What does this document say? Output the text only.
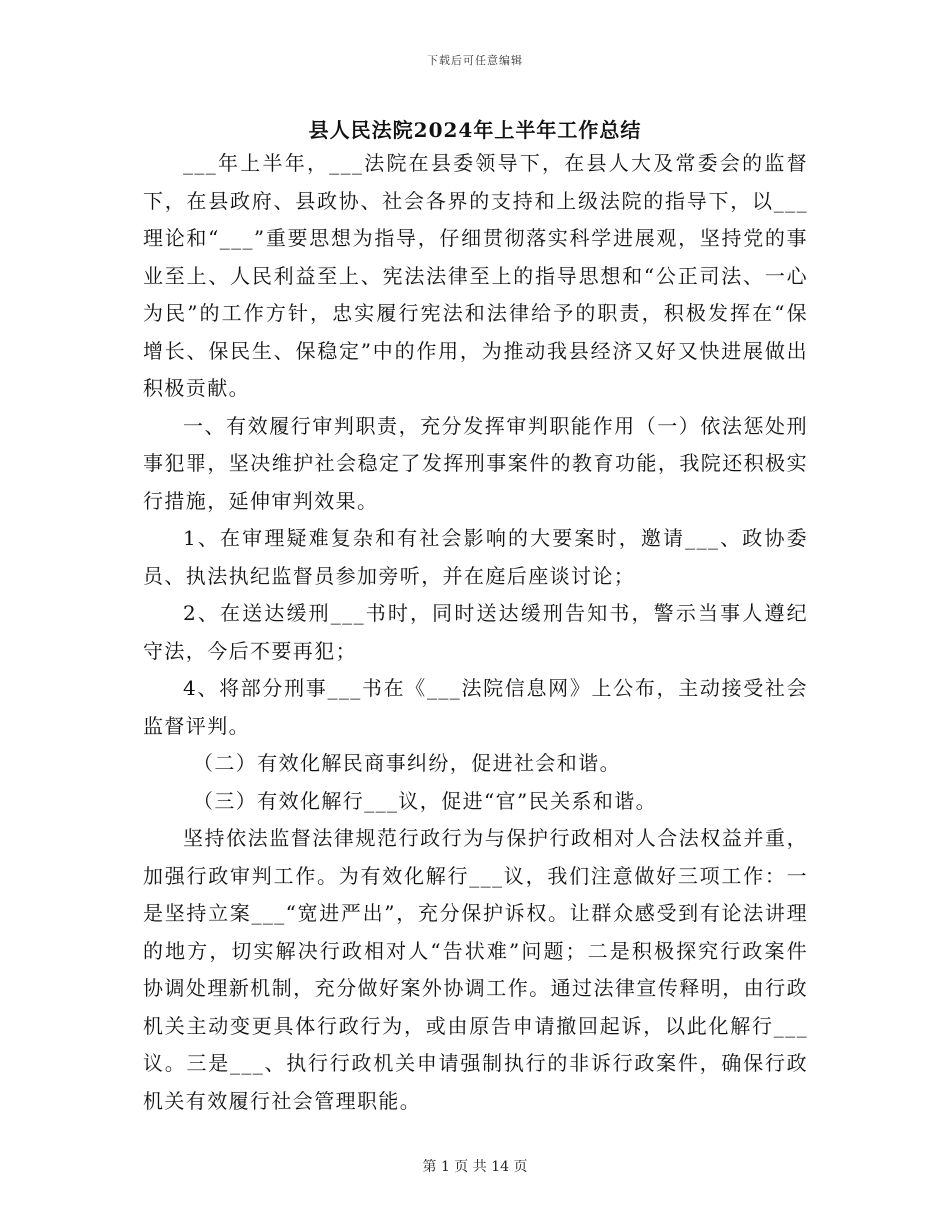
下载后可任意编辑
县人民法院2024年上半年工作总结

___年上半年，___法院在县委领导下，在县人大及常委会的监督下，在县政府、县政协、社会各界的支持和上级法院的指导下，以___理论和“___”重要思想为指导，仔细贯彻落实科学进展观，坚持党的事业至上、人民利益至上、宪法法律至上的指导思想和“公正司法、一心为民”的工作方针，忠实履行宪法和法律给予的职责，积极发挥在“保增长、保民生、保稳定”中的作用，为推动我县经济又好又快进展做出积极贡献。

一、有效履行审判职责，充分发挥审判职能作用（一）依法惩处刑事犯罪，坚决维护社会稳定了发挥刑事案件的教育功能，我院还积极实行措施，延伸审判效果。

1、在审理疑难复杂和有社会影响的大要案时，邀请___、政协委员、执法执纪监督员参加旁听，并在庭后座谈讨论；

2、在送达缓刑___书时，同时送达缓刑告知书，警示当事人遵纪守法，今后不要再犯；

4、将部分刑事___书在《___法院信息网》上公布，主动接受社会监督评判。

（二）有效化解民商事纠纷，促进社会和谐。

（三）有效化解行___议，促进“官”民关系和谐。

坚持依法监督法律规范行政行为与保护行政相对人合法权益并重，加强行政审判工作。为有效化解行___议，我们注意做好三项工作：一是坚持立案___“宽进严出”，充分保护诉权。让群众感受到有论法讲理的地方，切实解决行政相对人“告状难”问题；二是积极探究行政案件协调处理新机制，充分做好案外协调工作。通过法律宣传释明，由行政机关主动变更具体行政行为，或由原告申请撤回起诉，以此化解行___议。三是___、执行行政机关申请强制执行的非诉行政案件，确保行政机关有效履行社会管理职能。

第 1 页 共 14 页
